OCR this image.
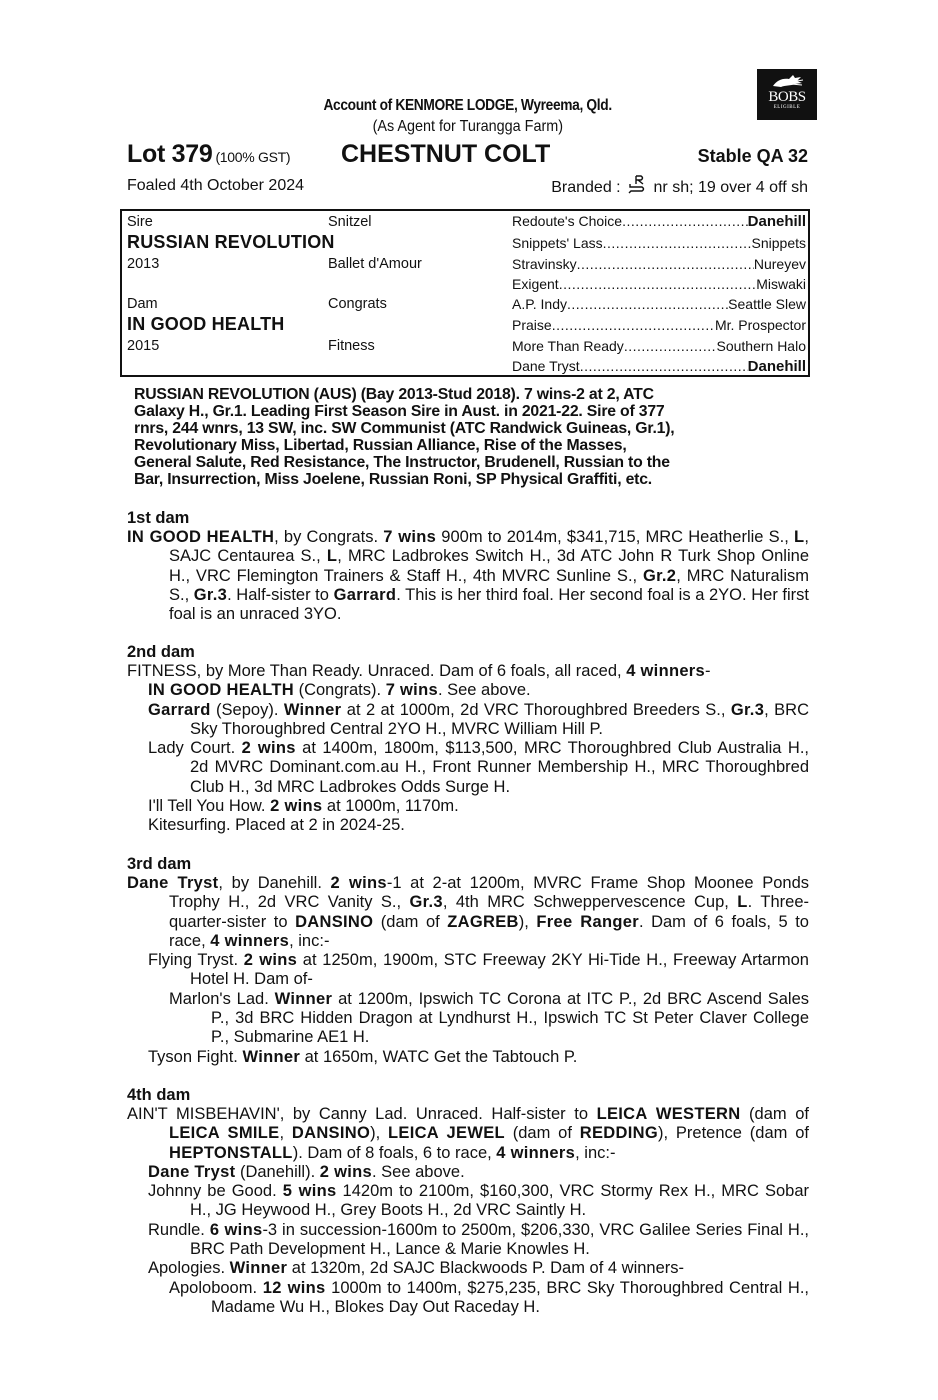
BOBS
ELIGIBLE
Account of KENMORE LODGE, Wyreema, Qld.
(As Agent for Turangga Farm)
Lot 379 (100% GST) CHESTNUT COLT	Stable QA 32
Foaled 4th October 2024	Branded : nr sh; 19 over 4 off sh
Sire
RUSSIAN REVOLUTION
2013
Snitzel
Ballet d'Amour
Dam
IN GOOD HEALTH
2015
Congrats
Fitness
Redoute's Choice .....	Danehill
Snippets' Lass .....	Snippets
Stravinsky .....	Nureyev
Exigent .....	Miswaki
A.P. Indy .....	Seattle Slew
Praise .....	Mr. Prospector
More Than Ready .....	Southern Halo
Dane Tryst .....	Danehill

RUSSIAN REVOLUTION (AUS) (Bay 2013-Stud 2018). 7 wins-2 at 2, ATC

Galaxy H., Gr.1. Leading First Season Sire in Aust. in 2021-22. Sire of 377

rnrs, 244 wnrs, 13 SW, inc. SW Communist (ATC Randwick Guineas, Gr.1),

Revolutionary Miss, Libertad, Russian Alliance, Rise of the Masses,

General Salute, Red Resistance, The Instructor, Brudenell, Russian to the

Bar, Insurrection, Miss Joelene, Russian Roni, SP Physical Graffiti, etc.

1st dam
IN GOOD HEALTH, by Congrats. 7 wins 900m to 2014m, $341,715, MRC Heatherlie S., L, SAJC Centaurea S., L, MRC Ladbrokes Switch H., 3d ATC John R Turk Shop Online H., VRC Flemington Trainers & Staff H., 4th MVRC Sunline S., Gr.2, MRC Naturalism S., Gr.3. Half-sister to Garrard. This is her third foal. Her second foal is a 2YO. Her first foal is an unraced 3YO.
2nd dam
FITNESS, by More Than Ready. Unraced. Dam of 6 foals, all raced, 4 winners-
IN GOOD HEALTH (Congrats). 7 wins. See above.
Garrard (Sepoy). Winner at 2 at 1000m, 2d VRC Thoroughbred Breeders S., Gr.3, BRC Sky Thoroughbred Central 2YO H., MVRC William Hill P.
Lady Court. 2 wins at 1400m, 1800m, $113,500, MRC Thoroughbred Club Australia H., 2d MVRC Dominant.com.au H., Front Runner Membership H., MRC Thoroughbred Club H., 3d MRC Ladbrokes Odds Surge H.
I'll Tell You How. 2 wins at 1000m, 1170m.
Kitesurfing. Placed at 2 in 2024-25.
3rd dam
Dane Tryst, by Danehill. 2 wins-1 at 2-at 1200m, MVRC Frame Shop Moonee Ponds Trophy H., 2d VRC Vanity S., Gr.3, 4th MRC Schweppervescence Cup, L. Three-quarter-sister to DANSINO (dam of ZAGREB), Free Ranger. Dam of 6 foals, 5 to race, 4 winners, inc:-
Flying Tryst. 2 wins at 1250m, 1900m, STC Freeway 2KY Hi-Tide H., Freeway Artarmon Hotel H. Dam of-
Marlon's Lad. Winner at 1200m, Ipswich TC Corona at ITC P., 2d BRC Ascend Sales P., 3d BRC Hidden Dragon at Lyndhurst H., Ipswich TC St Peter Claver College P., Submarine AE1 H.
Tyson Fight. Winner at 1650m, WATC Get the Tabtouch P.
4th dam
AIN'T MISBEHAVIN', by Canny Lad. Unraced. Half-sister to LEICA WESTERN (dam of LEICA SMILE, DANSINO), LEICA JEWEL (dam of REDDING), Pretence (dam of HEPTONSTALL). Dam of 8 foals, 6 to race, 4 winners, inc:-
Dane Tryst (Danehill). 2 wins. See above.
Johnny be Good. 5 wins 1420m to 2100m, $160,300, VRC Stormy Rex H., MRC Sobar H., JG Heywood H., Grey Boots H., 2d VRC Saintly H.
Rundle. 6 wins-3 in succession-1600m to 2500m, $206,330, VRC Galilee Series Final H., BRC Path Development H., Lance & Marie Knowles H.
Apologies. Winner at 1320m, 2d SAJC Blackwoods P. Dam of 4 winners-
Apoloboom. 12 wins 1000m to 1400m, $275,235, BRC Sky Thoroughbred Central H., Madame Wu H., Blokes Day Out Raceday H.
